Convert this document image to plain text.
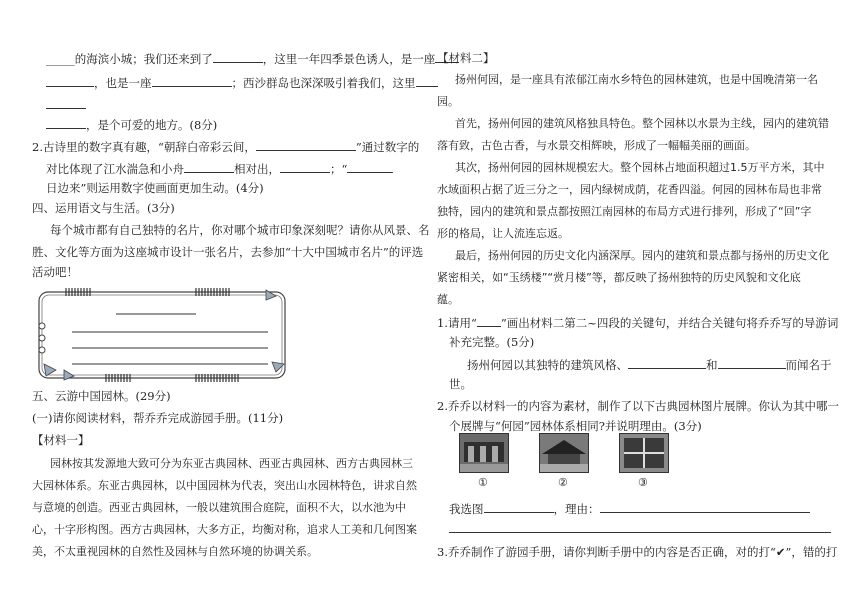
_____的海滨小城；我们还来到了	，这里一年四季景色诱人，是一座
，也是一座	；西沙群岛也深深吸引着我们，这里
，是个可爱的地方。(8分)
2.古诗里的数字真有趣，“朝辞白帝彩云间，	”通过数字的
对比体现了江水湍急和小舟	相对出，	；“
日边来”则运用数字使画面更加生动。(4分)
四、运用语文与生活。(3分)
每个城市都有自己独特的名片，你对哪个城市印象深刻呢？请你从风景、名
胜、文化等方面为这座城市设计一张名片，去参加“十大中国城市名片”的评选
活动吧！
五、云游中国园林。(29分)
(一)请你阅读材料，帮乔乔完成游园手册。(11分)
【材料一】
园林按其发源地大致可分为东亚古典园林、西亚古典园林、西方古典园林三
大园林体系。东亚古典园林，以中国园林为代表，突出山水园林特色，讲求自然
与意境的创造。西亚古典园林，一般以建筑围合庭院，面积不大，以水池为中
心，十字形构图。西方古典园林，大多方正，均衡对称，追求人工美和几何图案
美，不太重视园林的自然性及园林与自然环境的协调关系。
【材料二】
扬州何园，是一座具有浓郁江南水乡特色的园林建筑，也是中国晚清第一名
园。
首先，扬州何园的建筑风格独具特色。整个园林以水景为主线，园内的建筑错
落有致，古色古香，与水景交相辉映，形成了一幅幅美丽的画面。
其次，扬州何园的园林规模宏大。整个园林占地面积超过1.5万平方米，其中
水域面积占据了近三分之一，园内绿树成荫，花香四溢。何园的园林布局也非常
独特，园内的建筑和景点都按照江南园林的布局方式进行排列，形成了“回”字
形的格局，让人流连忘返。
最后，扬州何园的历史文化内涵深厚。园内的建筑和景点都与扬州的历史文化
紧密相关，如“玉绣楼”“赏月楼”等，都反映了扬州独特的历史风貌和文化底
蕴。
1.请用“ ”画出材料二第二~四段的关键句，并结合关键句将乔乔写的导游词
补充完整。(5分)
扬州何园以其独特的建筑风格、	和	而闻名于
世。
2.乔乔以材料一的内容为素材，制作了以下古典园林图片展牌。你认为其中哪一
个展牌与“何园”园林体系相同?并说明理由。(3分)
①	②	③
我选图	，理由：
3.乔乔制作了游园手册，请你判断手册中的内容是否正确，对的打“✔”，错的打
